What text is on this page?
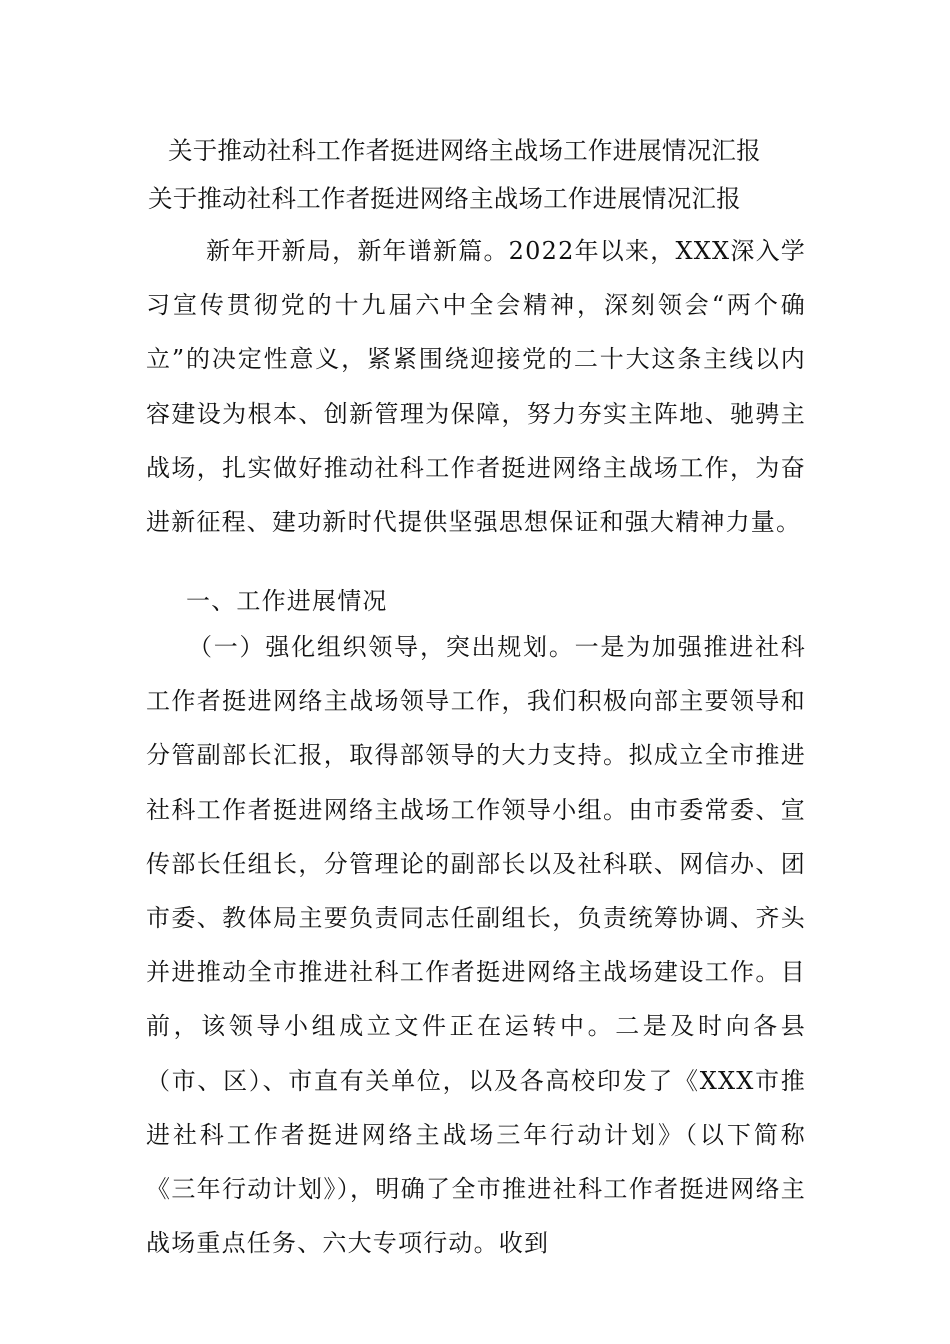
关于推动社科工作者挺进网络主战场工作进展情况汇报
关于推动社科工作者挺进网络主战场工作进展情况汇报

新年开新局，新年谱新篇。2022年以来，XXX深入学习宣传贯彻党的十九届六中全会精神，深刻领会“两个确立”的决定性意义，紧紧围绕迎接党的二十大这条主线以内容建设为根本、创新管理为保障，努力夯实主阵地、驰骋主战场，扎实做好推动社科工作者挺进网络主战场工作，为奋进新征程、建功新时代提供坚强思想保证和强大精神力量。

一、工作进展情况

（一）强化组织领导，突出规划。一是为加强推进社科工作者挺进网络主战场领导工作，我们积极向部主要领导和分管副部长汇报，取得部领导的大力支持。拟成立全市推进社科工作者挺进网络主战场工作领导小组。由市委常委、宣传部长任组长，分管理论的副部长以及社科联、网信办、团市委、教体局主要负责同志任副组长，负责统筹协调、齐头并进推动全市推进社科工作者挺进网络主战场建设工作。目前，该领导小组成立文件正在运转中。二是及时向各县（市、区）、市直有关单位，以及各高校印发了《XXX市推进社科工作者挺进网络主战场三年行动计划》（以下简称《三年行动计划》），明确了全市推进社科工作者挺进网络主战场重点任务、六大专项行动。收到
